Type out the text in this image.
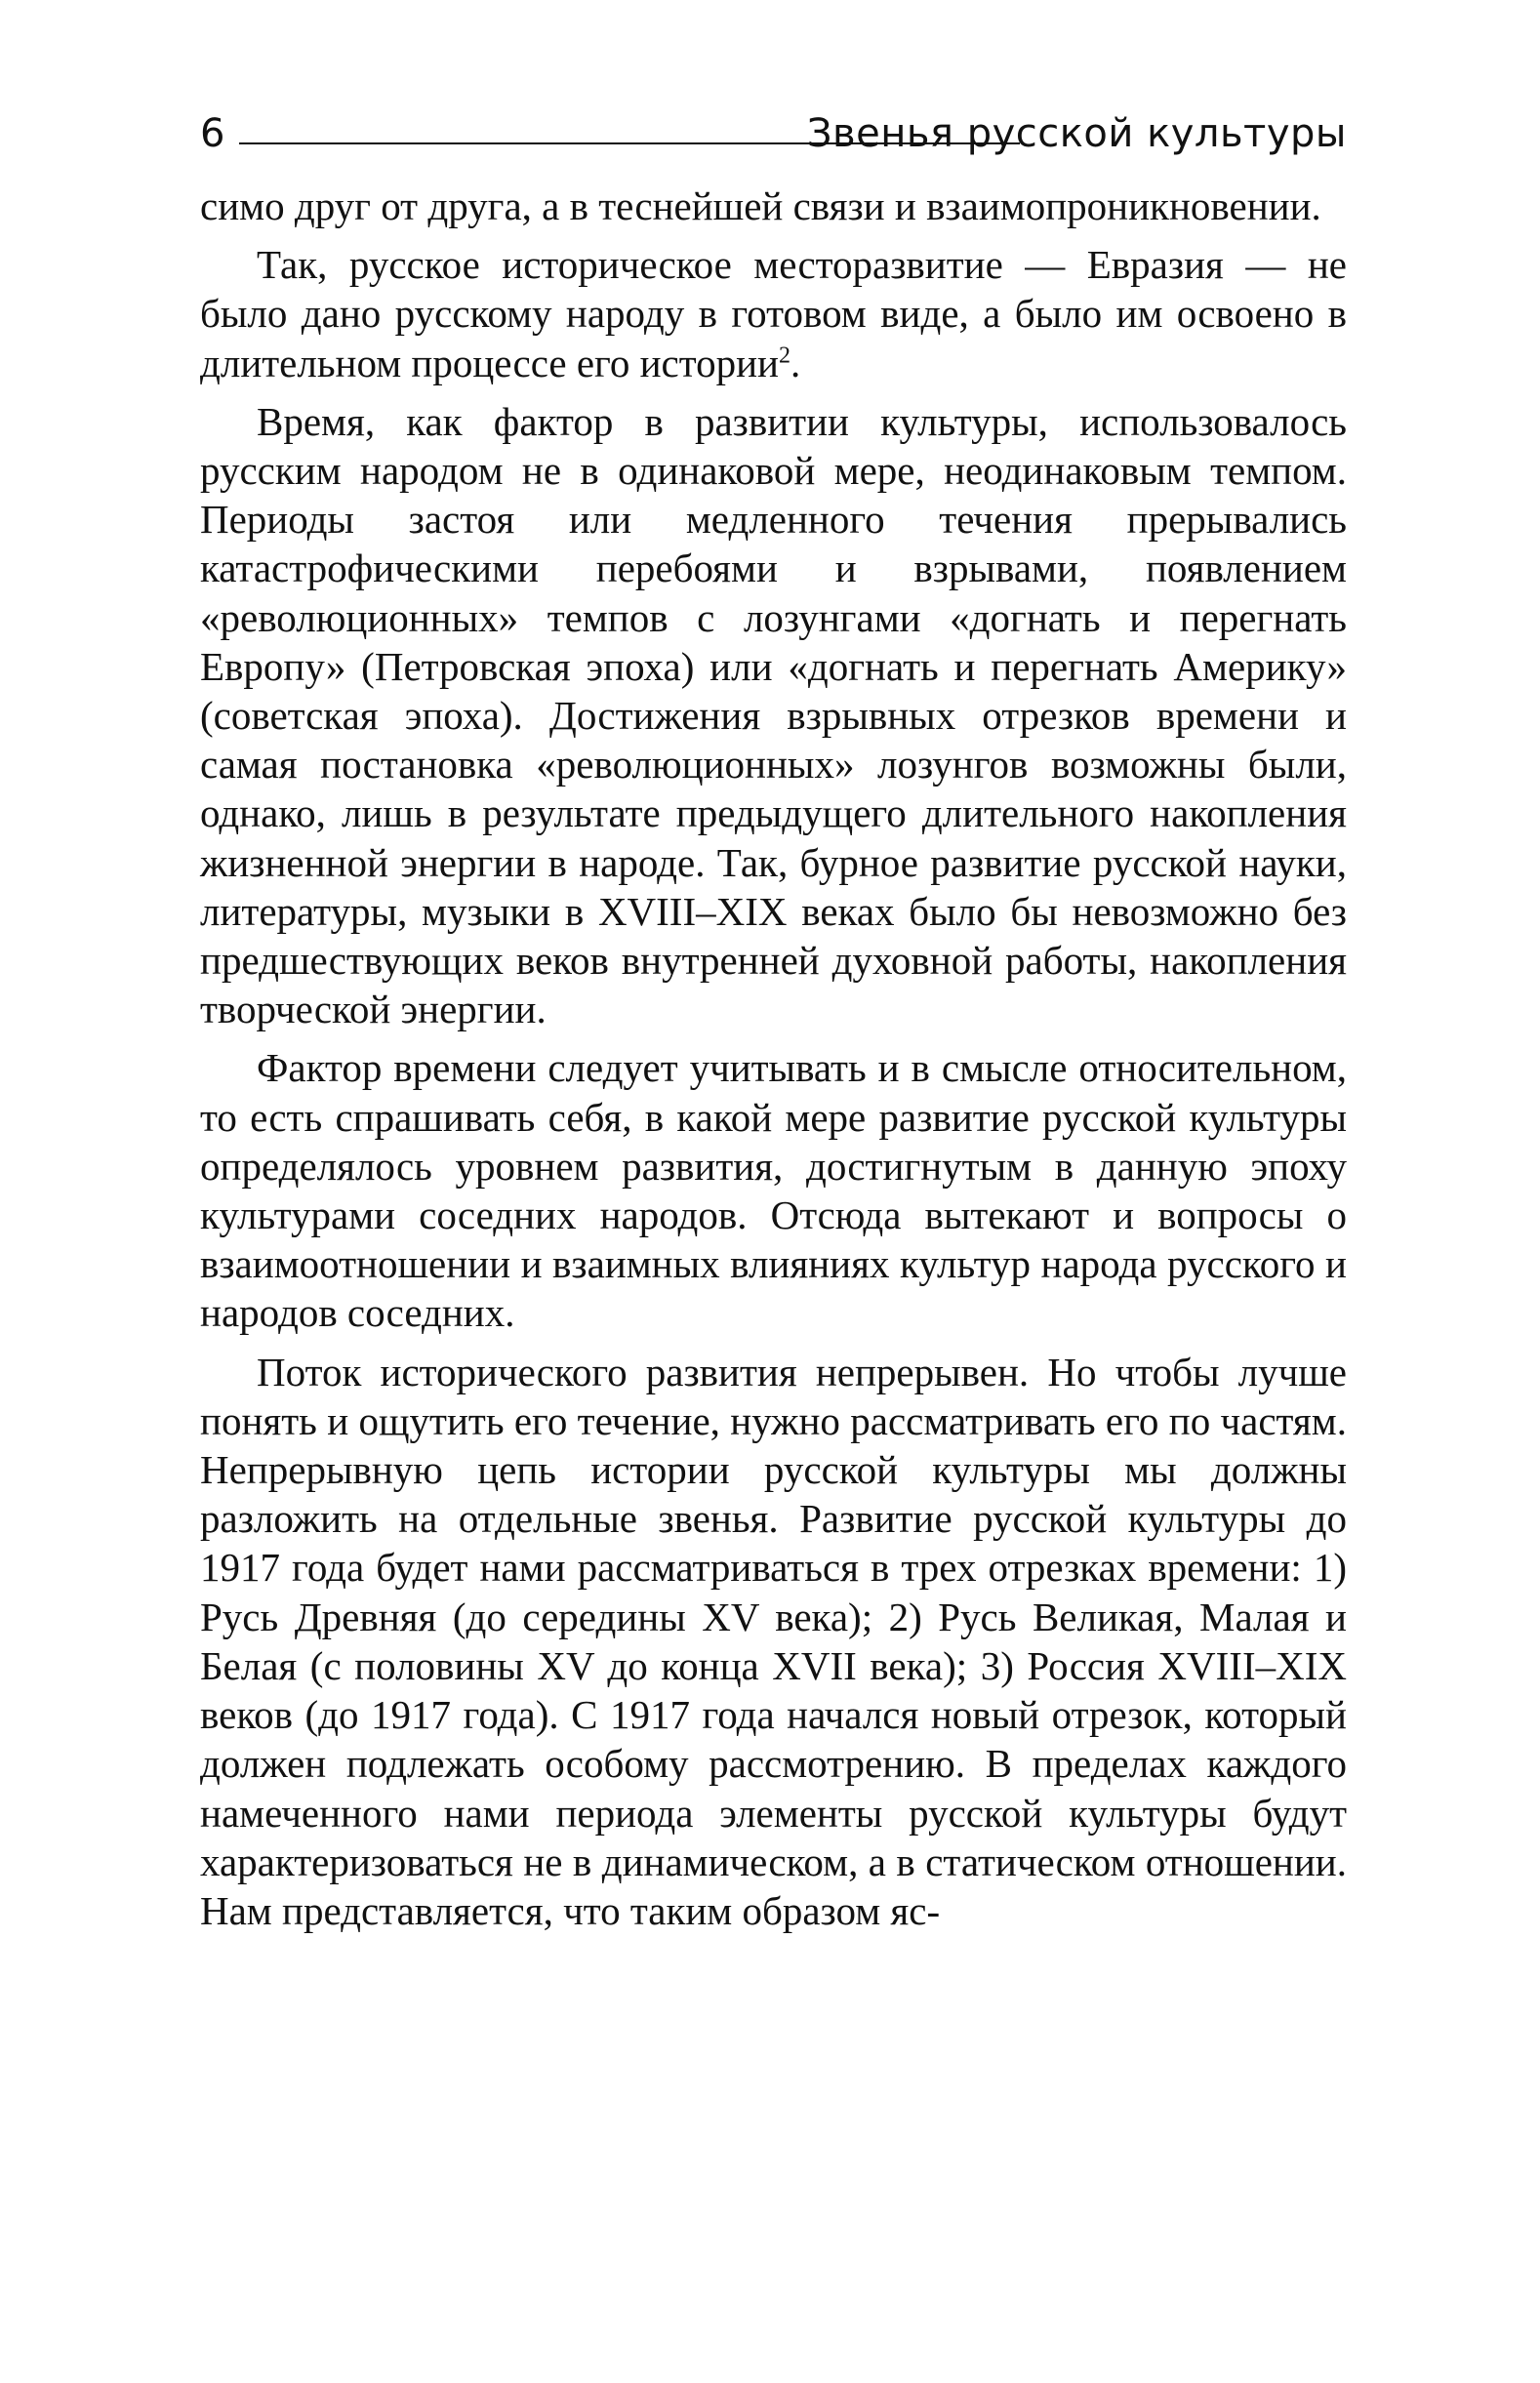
6	Звенья русской культуры

симо друг от друга, а в теснейшей связи и взаимопроникновении.

Так, русское историческое месторазвитие — Евразия — не было дано русскому народу в готовом виде, а было им освоено в длительном процессе его истории$^2$.

Время, как фактор в развитии культуры, использовалось русским народом не в одинаковой мере, неодинаковым темпом. Периоды застоя или медленного течения прерывались катастрофическими перебоями и взрывами, появлением «революционных» темпов с лозунгами «догнать и перегнать Европу» (Петровская эпоха) или «догнать и перегнать Америку» (советская эпоха). Достижения взрывных отрезков времени и самая постановка «революционных» лозунгов возможны были, однако, лишь в результате предыдущего длительного накопления жизненной энергии в народе. Так, бурное развитие русской науки, литературы, музыки в XVIII–XIX веках было бы невозможно без предшествующих веков внутренней духовной работы, накопления творческой энергии.

Фактор времени следует учитывать и в смысле относительном, то есть спрашивать себя, в какой мере развитие русской культуры определялось уровнем развития, достигнутым в данную эпоху культурами соседних народов. Отсюда вытекают и вопросы о взаимоотношении и взаимных влияниях культур народа русского и народов соседних.

Поток исторического развития непрерывен. Но чтобы лучше понять и ощутить его течение, нужно рассматривать его по частям. Непрерывную цепь истории русской культуры мы должны разложить на отдельные звенья. Развитие русской культуры до 1917 года будет нами рассматриваться в трех отрезках времени: 1) Русь Древняя (до середины XV века); 2) Русь Великая, Малая и Белая (с половины XV до конца XVII века); 3) Россия XVIII–XIX веков (до 1917 года). С 1917 года начался новый отрезок, который должен подлежать особому рассмотрению. В пределах каждого намеченного нами периода элементы русской культуры будут характеризоваться не в динамическом, а в статическом отношении. Нам представляется, что таким образом яс-
